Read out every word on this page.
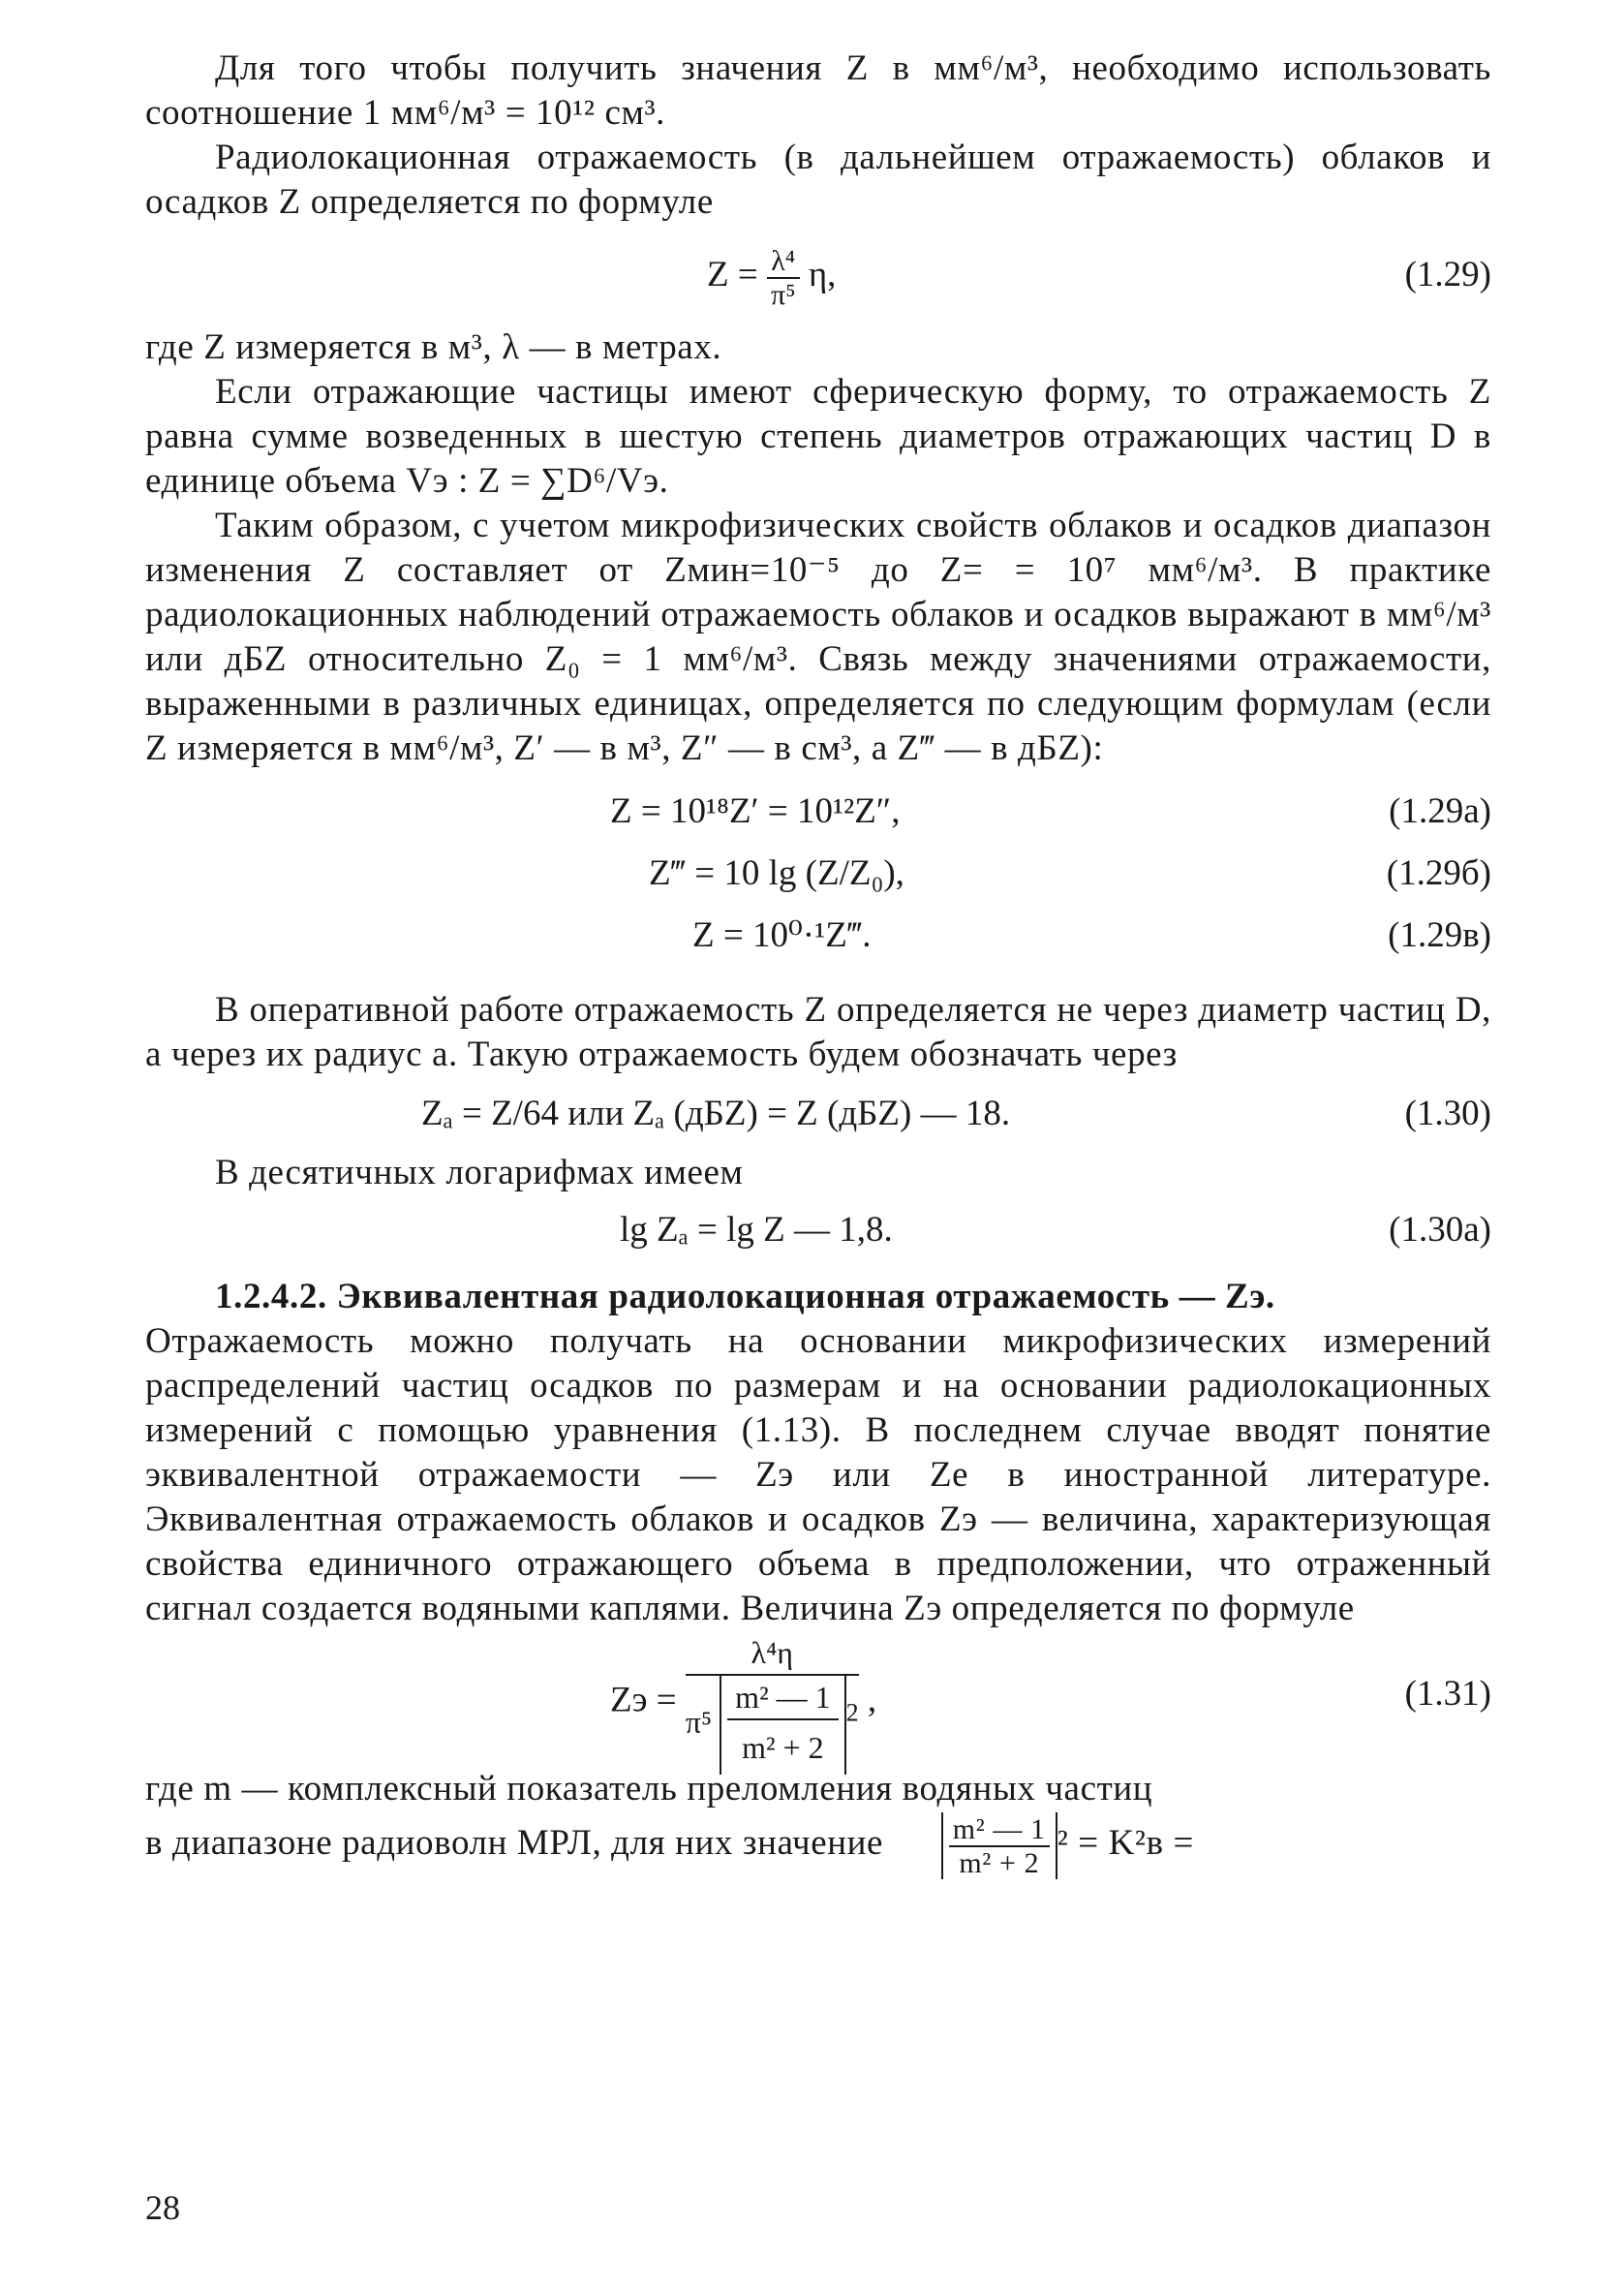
Для того чтобы получить значения Z в мм⁶/м³, необходимо использовать соотношение 1 мм⁶/м³ = 10¹² см³.

Радиолокационная отражаемость (в дальнейшем отражаемость) облаков и осадков Z определяется по формуле

$Z = \frac{\text{λ⁴}}{\text{π⁵}} \eta$,	(1.29)

где Z измеряется в м³, λ — в метрах.

Если отражающие частицы имеют сферическую форму, то отражаемость Z равна сумме возведенных в шестую степень диаметров отражающих частиц D в единице объема Vэ : Z = ∑D⁶/Vэ.

Таким образом, с учетом микрофизических свойств облаков и осадков диапазон изменения Z составляет от Zмин=10⁻⁵ до Z= = 10⁷ мм⁶/м³. В практике радиолокационных наблюдений отражаемость облаков и осадков выражают в мм⁶/м³ или дБZ относительно Z₀ = 1 мм⁶/м³. Связь между значениями отражаемости, выраженными в различных единицах, определяется по следующим формулам (если Z измеряется в мм⁶/м³, Z′ — в м³, Z″ — в см³, а Z‴ — в дБZ):

Z = 10¹⁸Z′ = 10¹²Z″,	(1.29а)
Z‴ = 10 lg (Z/Z₀),	(1.29б)
Z = 10⁰·¹Z‴.	(1.29в)

В оперативной работе отражаемость Z определяется не через диаметр частиц D, а через их радиус a. Такую отражаемость будем обозначать через

Zₐ = Z/64 или Zₐ (дБZ) = Z (дБZ) — 18.	(1.30)

В десятичных логарифмах имеем

lg Zₐ = lg Z — 1,8.	(1.30а)

1.2.4.2. Эквивалентная радиолокационная отражаемость — Zэ.

Отражаемость можно получать на основании микрофизических измерений распределений частиц осадков по размерам и на основании радиолокационных измерений с помощью уравнения (1.13). В последнем случае вводят понятие эквивалентной отражаемости — Zэ или Ze в иностранной литературе. Эквивалентная отражаемость облаков и осадков Zэ — величина, характеризующая свойства единичного отражающего объема в предположении, что отраженный сигнал создается водяными каплями. Величина Zэ определяется по формуле

Zэ =
λ⁴η
$\pi^5 \frac{\text{m² — 1}}{\text{m² + 2}} ^2$ ,	(1.31)

где m — комплексный показатель преломления водяных частиц

в диапазоне радиоволн МРЛ, для них значение $\frac{\text{m² — 1}}{\text{m² + 2}} ^2 = K^2в$ =
28
